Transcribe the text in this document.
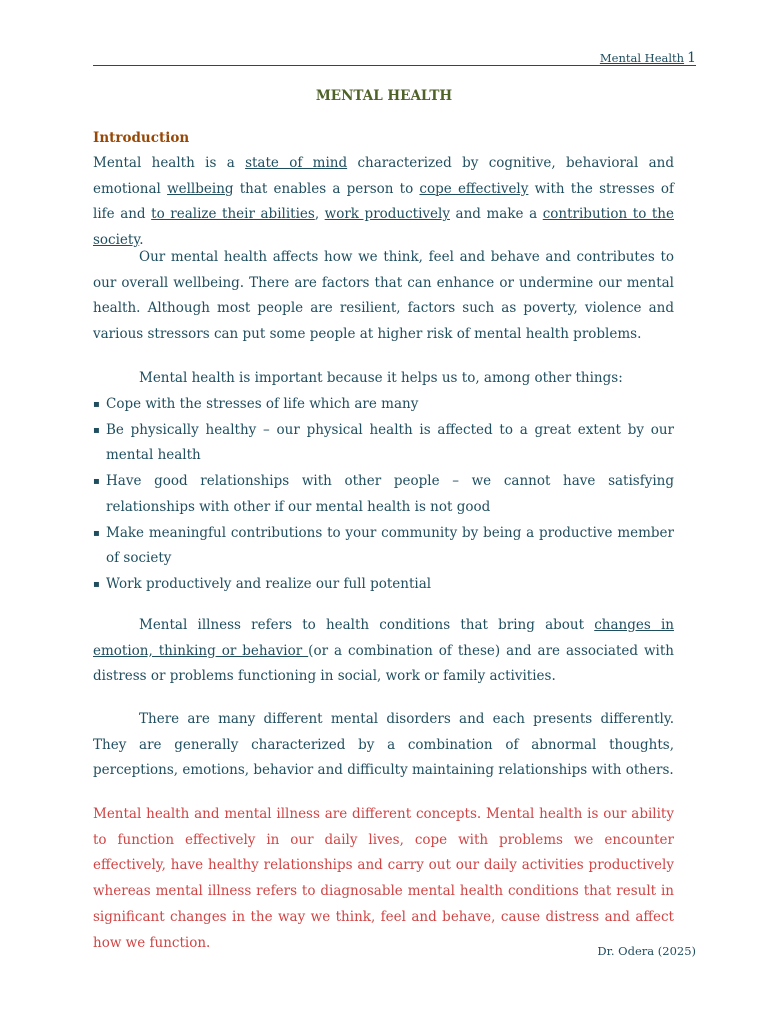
Mental Health 1
MENTAL HEALTH
Introduction
Mental health is a state of mind characterized by cognitive, behavioral and emotional wellbeing that enables a person to cope effectively with the stresses of life and to realize their abilities, work productively and make a contribution to the society.
Our mental health affects how we think, feel and behave and contributes to our overall wellbeing. There are factors that can enhance or undermine our mental health. Although most people are resilient, factors such as poverty, violence and various stressors can put some people at higher risk of mental health problems.
Mental health is important because it helps us to, among other things:
▪ Cope with the stresses of life which are many
▪ Be physically healthy – our physical health is affected to a great extent by our mental health
▪ Have good relationships with other people – we cannot have satisfying relationships with other if our mental health is not good
▪ Make meaningful contributions to your community by being a productive member of society
▪ Work productively and realize our full potential
Mental illness refers to health conditions that bring about changes in emotion, thinking or behavior (or a combination of these) and are associated with distress or problems functioning in social, work or family activities.
There are many different mental disorders and each presents differently. They are generally characterized by a combination of abnormal thoughts, perceptions, emotions, behavior and difficulty maintaining relationships with others.
Mental health and mental illness are different concepts. Mental health is our ability to function effectively in our daily lives, cope with problems we encounter effectively, have healthy relationships and carry out our daily activities productively whereas mental illness refers to diagnosable mental health conditions that result in significant changes in the way we think, feel and behave, cause distress and affect how we function.
Dr. Odera (2025)
